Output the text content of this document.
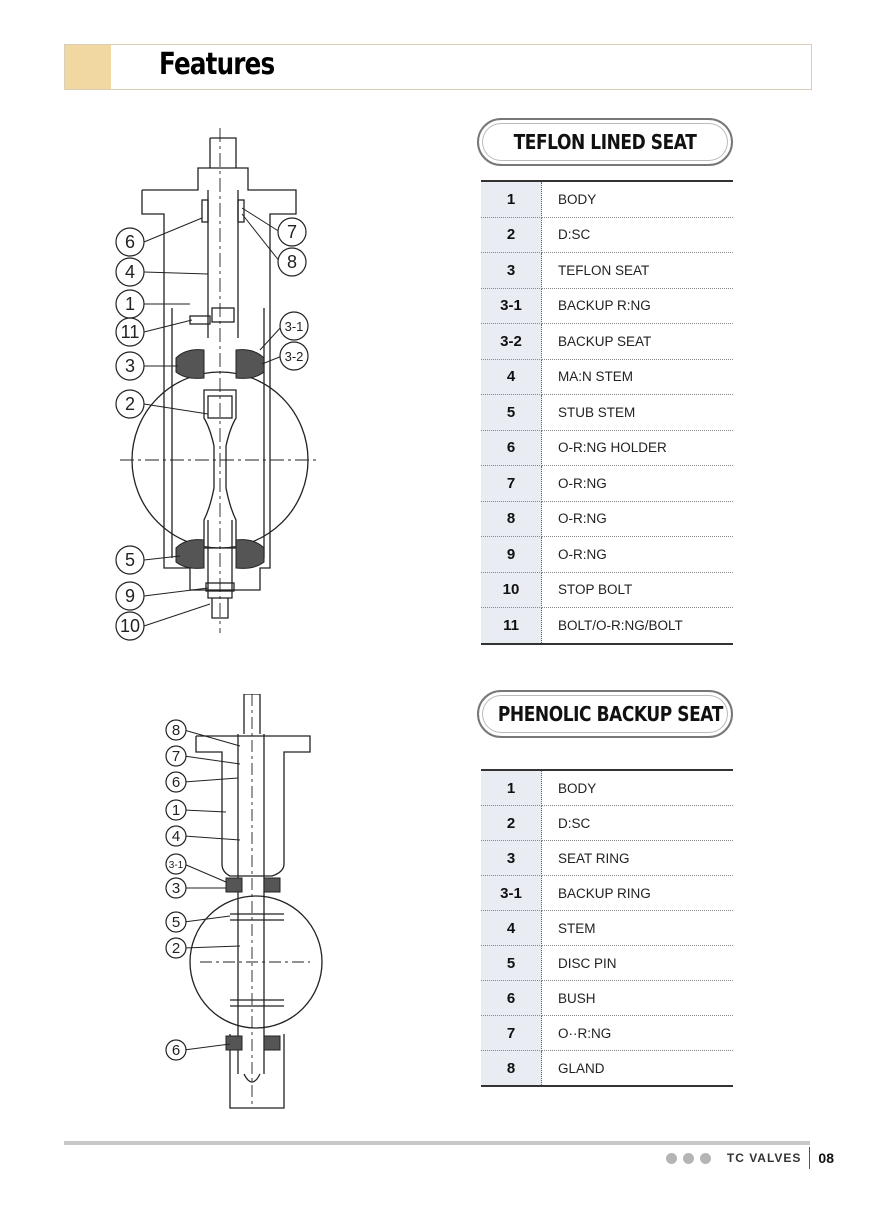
Features
6
4
1
11
3
2
5
9
10
7
8
3-1
3-2
TEFLON LINED SEAT
1	BODY
2	D:SC
3	TEFLON SEAT
3-1	BACKUP R:NG
3-2	BACKUP SEAT
4	MA:N STEM
5	STUB STEM
6	O-R:NG HOLDER
7	O-R:NG
8	O-R:NG
9	O-R:NG
10	STOP BOLT
11	BOLT/O-R:NG/BOLT
8
7
6
1
4
3-1
3
5
2
6
PHENOLIC BACKUP SEAT
1	BODY
2	D:SC
3	SEAT RING
3-1	BACKUP RING
4	STEM
5	DISC PIN
6	BUSH
7	O··R:NG
8	GLAND
TC VALVES 08
